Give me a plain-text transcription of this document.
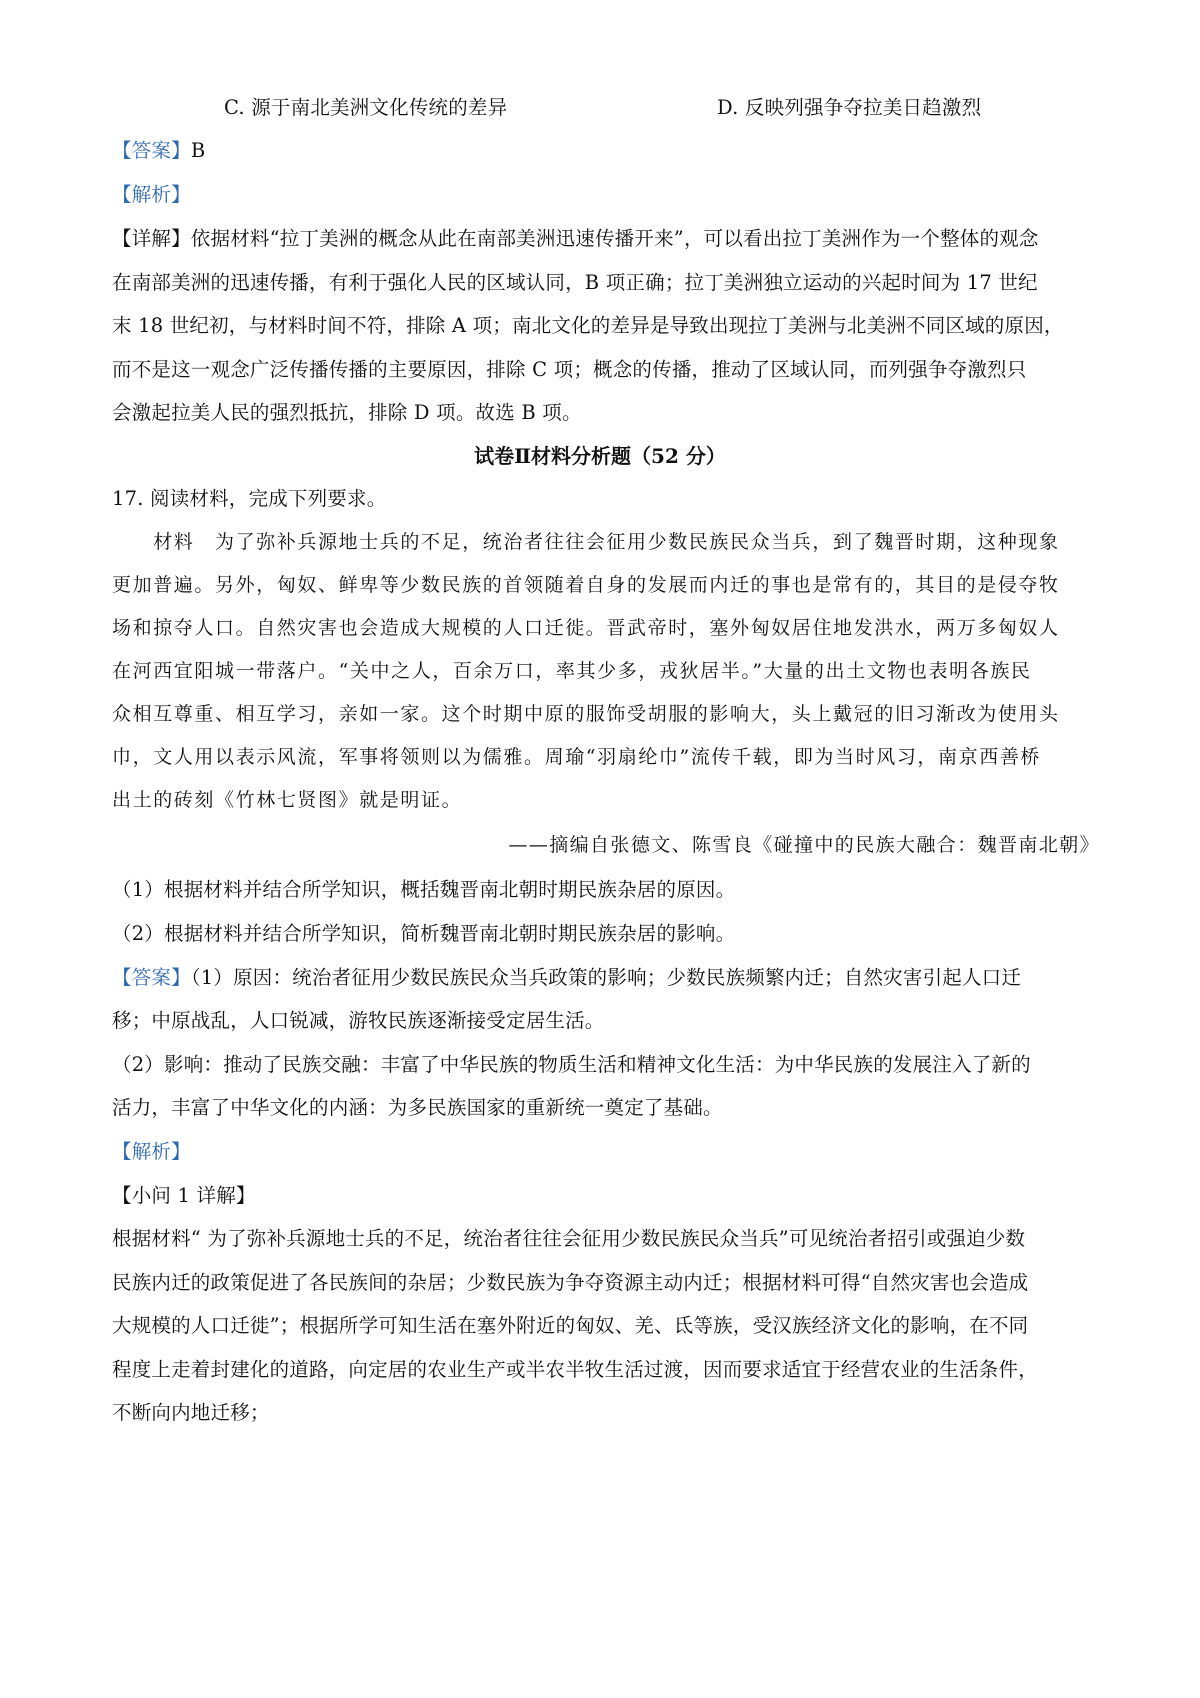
C. 源于南北美洲文化传统的差异	D. 反映列强争夺拉美日趋激烈
【答案】B
【解析】
【详解】依据材料“拉丁美洲的概念从此在南部美洲迅速传播开来”，可以看出拉丁美洲作为一个整体的观念
在南部美洲的迅速传播，有利于强化人民的区域认同，B 项正确；拉丁美洲独立运动的兴起时间为 17 世纪
末 18 世纪初，与材料时间不符，排除 A 项；南北文化的差异是导致出现拉丁美洲与北美洲不同区域的原因，
而不是这一观念广泛传播传播的主要原因，排除 C 项；概念的传播，推动了区域认同，而列强争夺激烈只
会激起拉美人民的强烈抵抗，排除 D 项。故选 B 项。
试卷Ⅱ材料分析题（52 分）
17. 阅读材料，完成下列要求。
　　材料　为了弥补兵源地士兵的不足，统治者往往会征用少数民族民众当兵，到了魏晋时期，这种现象
更加普遍。另外，匈奴、鲜卑等少数民族的首领随着自身的发展而内迁的事也是常有的，其目的是侵夺牧
场和掠夺人口。自然灾害也会造成大规模的人口迁徙。晋武帝时，塞外匈奴居住地发洪水，两万多匈奴人
在河西宜阳城一带落户。“关中之人，百余万口，率其少多，戎狄居半。”大量的出土文物也表明各族民
众相互尊重、相互学习，亲如一家。这个时期中原的服饰受胡服的影响大，头上戴冠的旧习渐改为使用头
巾，文人用以表示风流，军事将领则以为儒雅。周瑜“羽扇纶巾”流传千载，即为当时风习，南京西善桥
出土的砖刻《竹林七贤图》就是明证。
——摘编自张德文、陈雪良《碰撞中的民族大融合：魏晋南北朝》
（1）根据材料并结合所学知识，概括魏晋南北朝时期民族杂居的原因。
（2）根据材料并结合所学知识，简析魏晋南北朝时期民族杂居的影响。
【答案】（1）原因：统治者征用少数民族民众当兵政策的影响；少数民族频繁内迁；自然灾害引起人口迁
移；中原战乱，人口锐减，游牧民族逐渐接受定居生活。
（2）影响：推动了民族交融：丰富了中华民族的物质生活和精神文化生活：为中华民族的发展注入了新的
活力，丰富了中华文化的内涵：为多民族国家的重新统一奠定了基础。
【解析】
【小问 1 详解】
根据材料“ 为了弥补兵源地士兵的不足，统治者往往会征用少数民族民众当兵”可见统治者招引或强迫少数
民族内迁的政策促进了各民族间的杂居；少数民族为争夺资源主动内迁；根据材料可得“自然灾害也会造成
大规模的人口迁徙”；根据所学可知生活在塞外附近的匈奴、羌、氐等族，受汉族经济文化的影响，在不同
程度上走着封建化的道路，向定居的农业生产或半农半牧生活过渡，因而要求适宜于经营农业的生活条件，
不断向内地迁移；
